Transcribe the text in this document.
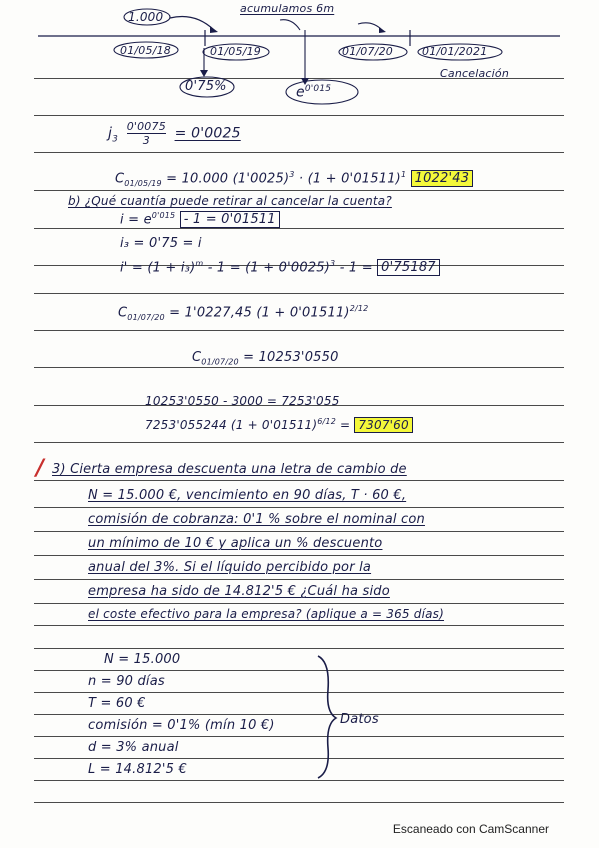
1.000
acumulamos 6m
01/05/18	01/05/19	01/07/20	01/01/2021
0'75%	$e^{0'015}$
Cancelación
$j_3 \frac{0'0075}{3} = 0'0025$
$C_{01/05/19} = 10.000$ $(1'0025)^3 \cdot (1 + 0'01511)^1$ 1022'43
b) ¿Qué cuantía puede retirar al cancelar la cuenta?
$i = e^{0'015} - 1 = 0'01511$
i₃ = 0'75 = i
$i' = (1 + i_3)^m - 1 = (1 + 0'0025)^3 - 1 = 0'75187$
$C_{01/07/20} = 1'0227,45$ $(1 + 0'01511)^{2/12}$
$C_{01/07/20} = 10253'0550$
10253'0550 - 3000 = 7253'055
7253'055244 $(1 + 0'01511)^{6/12} = 7307'60$
/ 3) Cierta empresa descuenta una letra de cambio de
N = 15.000 €, vencimiento en 90 días, T · 60 €,
comisión de cobranza: 0'1 % sobre el nominal con
un mínimo de 10 € y aplica un % descuento
anual del 3%. Si el líquido percibido por la
empresa ha sido de 14.812'5 € ¿Cuál ha sido
el coste efectivo para la empresa? (aplique a = 365 días)
N = 15.000
n = 90 días
T = 60 €
comisión = 0'1% (mín 10 €)
d = 3% anual
L = 14.812'5 €
Datos
Escaneado con CamScanner
